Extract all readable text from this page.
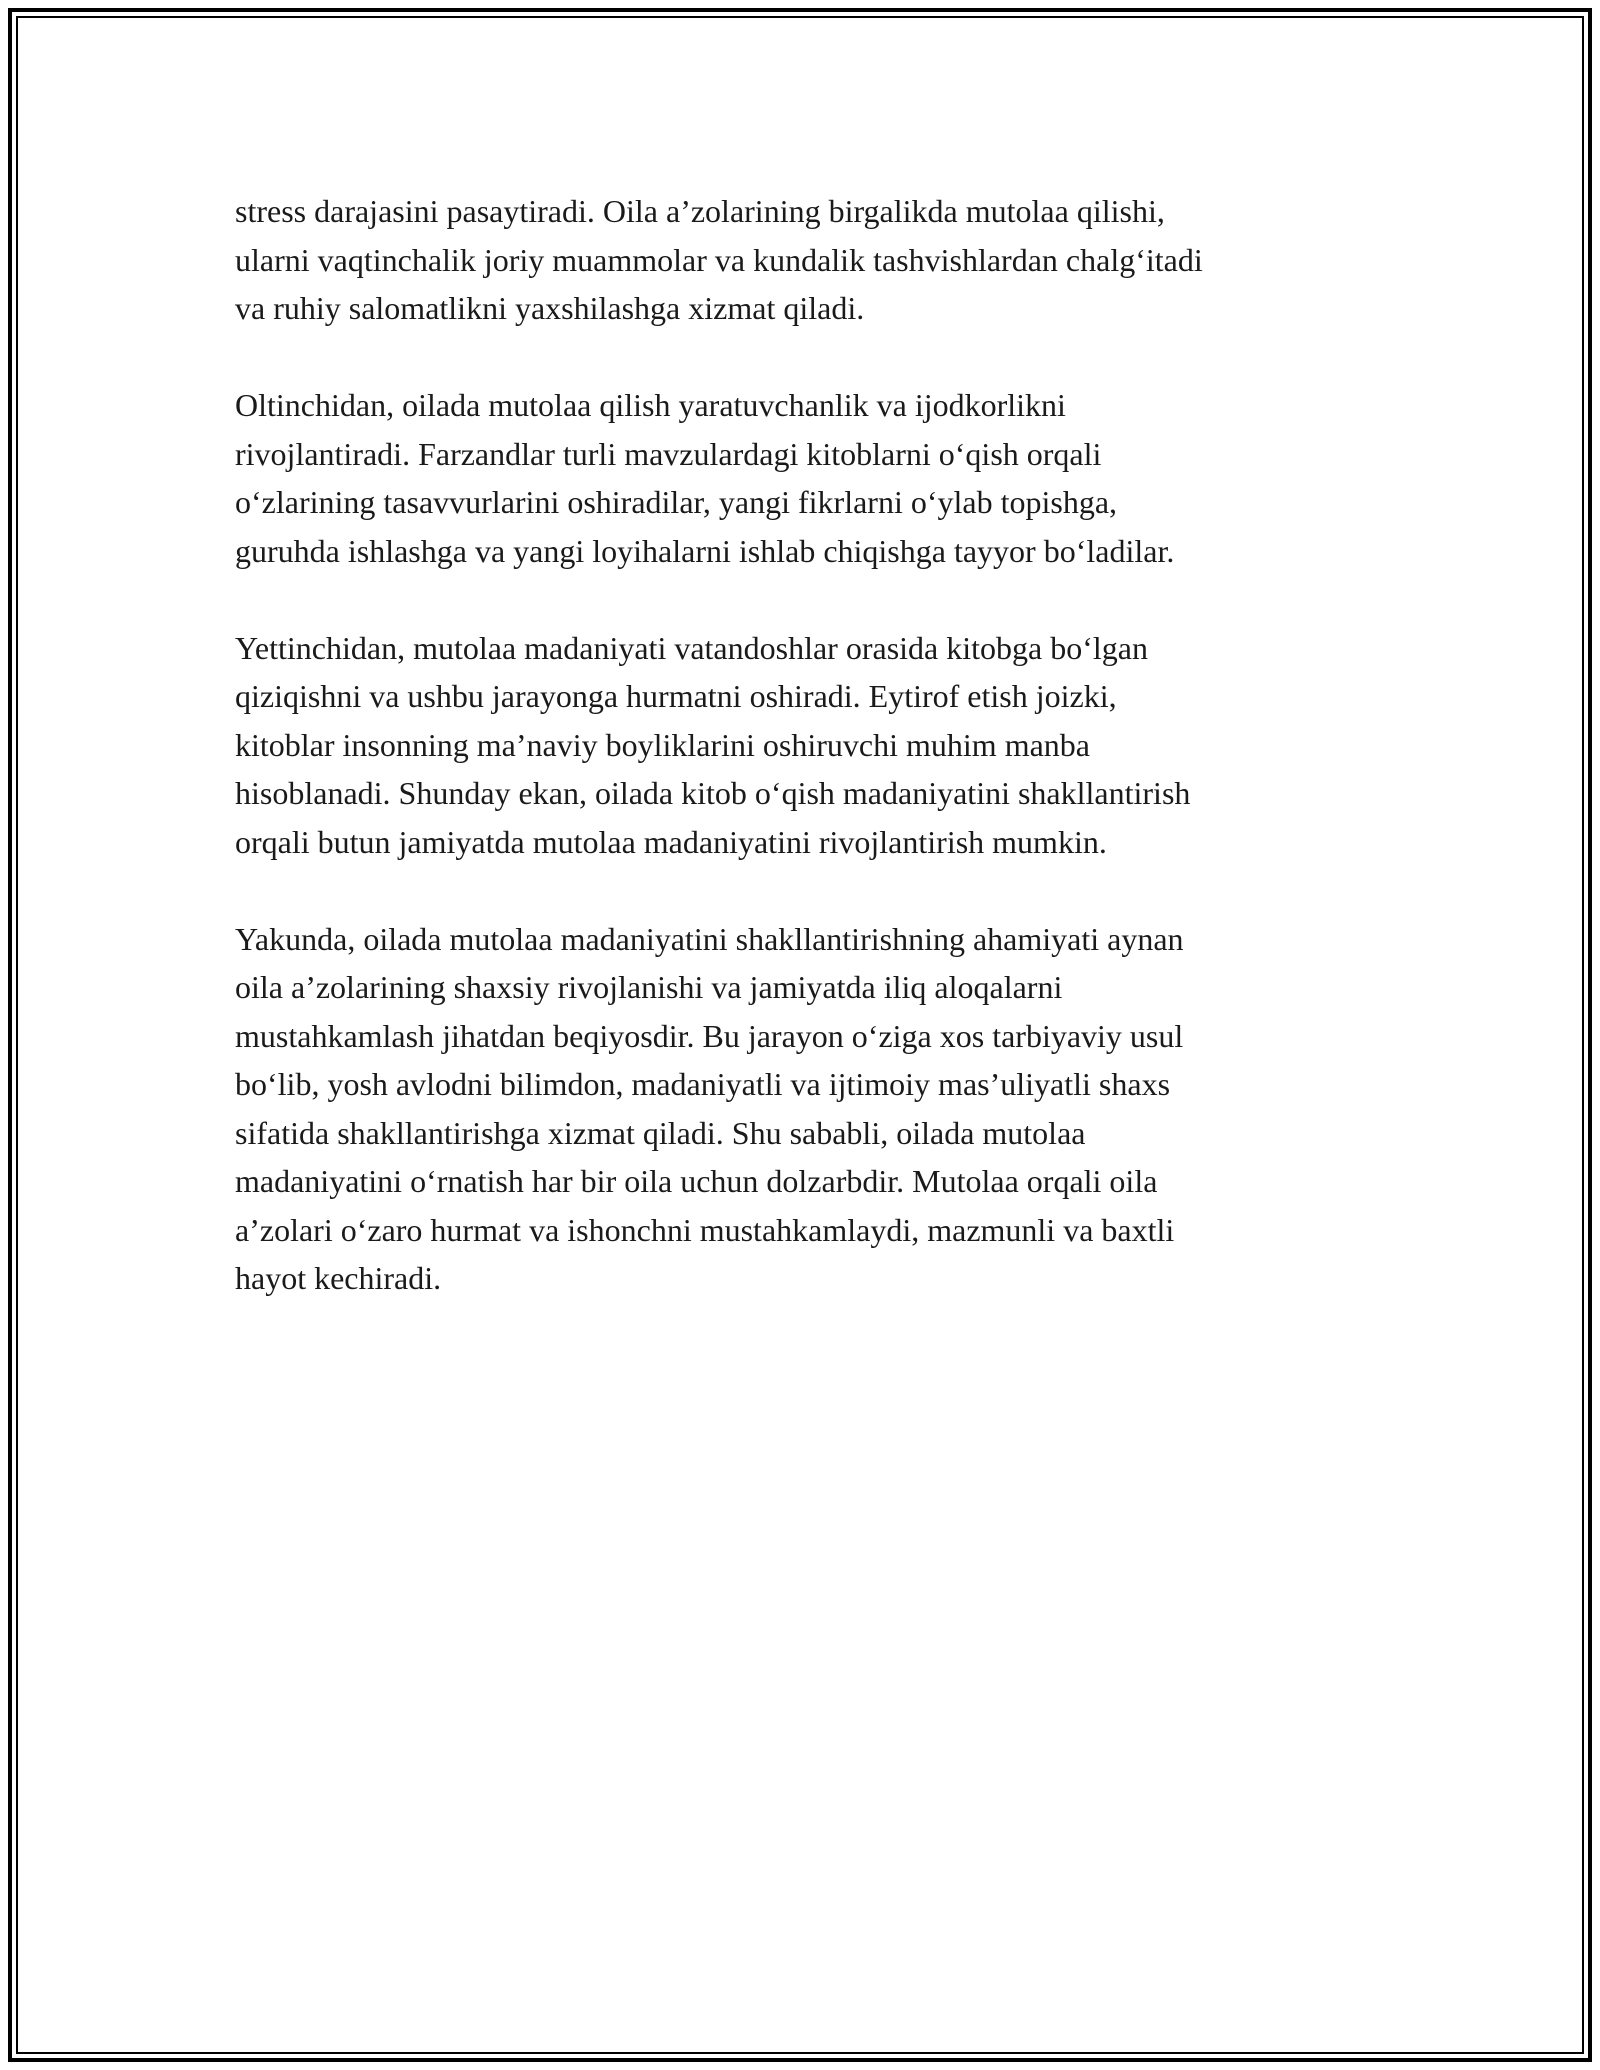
stress darajasini pasaytiradi. Oila a’zolarining birgalikda mutolaa qilishi,
ularni vaqtinchalik joriy muammolar va kundalik tashvishlardan chalg‘itadi
va ruhiy salomatlikni yaxshilashga xizmat qiladi.

Oltinchidan, oilada mutolaa qilish yaratuvchanlik va ijodkorlikni
rivojlantiradi. Farzandlar turli mavzulardagi kitoblarni o‘qish orqali
o‘zlarining tasavvurlarini oshiradilar, yangi fikrlarni o‘ylab topishga,
guruhda ishlashga va yangi loyihalarni ishlab chiqishga tayyor bo‘ladilar.

Yettinchidan, mutolaa madaniyati vatandoshlar orasida kitobga bo‘lgan
qiziqishni va ushbu jarayonga hurmatni oshiradi. Eytirof etish joizki,
kitoblar insonning ma’naviy boyliklarini oshiruvchi muhim manba
hisoblanadi. Shunday ekan, oilada kitob o‘qish madaniyatini shakllantirish
orqali butun jamiyatda mutolaa madaniyatini rivojlantirish mumkin.

Yakunda, oilada mutolaa madaniyatini shakllantirishning ahamiyati aynan
oila a’zolarining shaxsiy rivojlanishi va jamiyatda iliq aloqalarni
mustahkamlash jihatdan beqiyosdir. Bu jarayon o‘ziga xos tarbiyaviy usul
bo‘lib, yosh avlodni bilimdon, madaniyatli va ijtimoiy mas’uliyatli shaxs
sifatida shakllantirishga xizmat qiladi. Shu sababli, oilada mutolaa
madaniyatini o‘rnatish har bir oila uchun dolzarbdir. Mutolaa orqali oila
a’zolari o‘zaro hurmat va ishonchni mustahkamlaydi, mazmunli va baxtli
hayot kechiradi.
